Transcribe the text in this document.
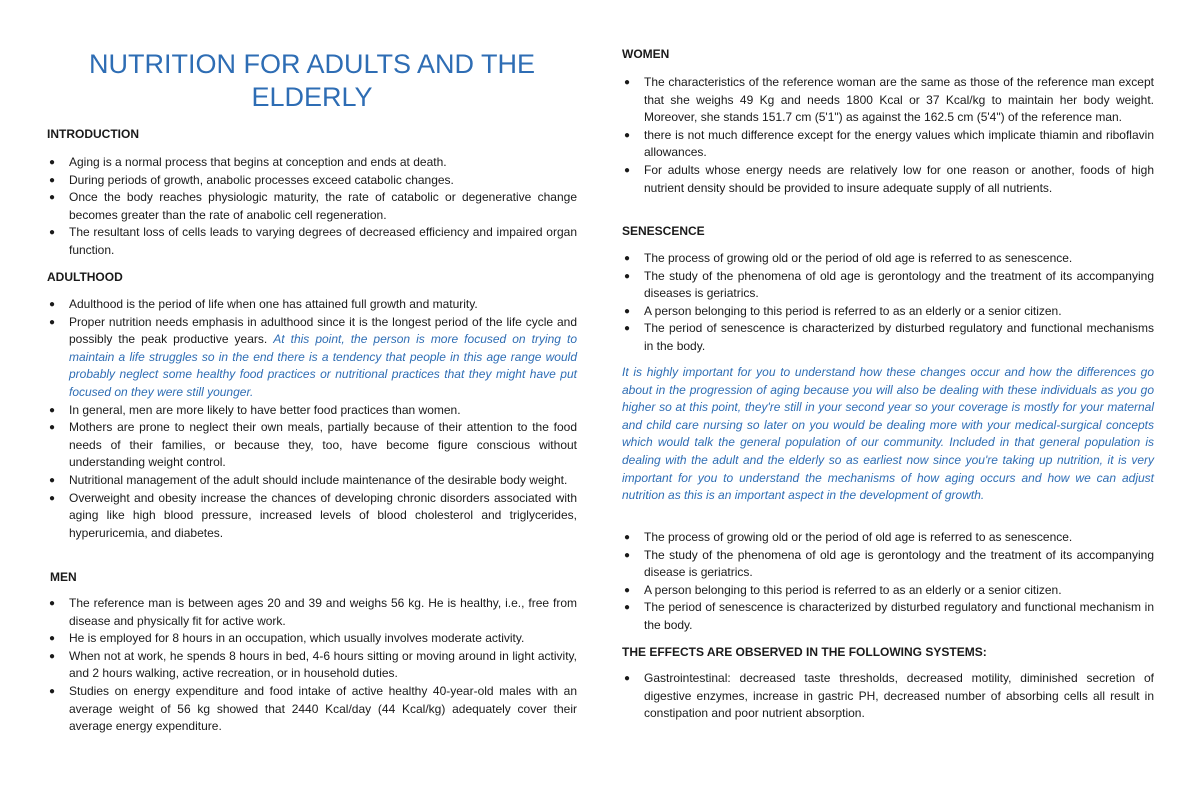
NUTRITION FOR ADULTS AND THE ELDERLY
INTRODUCTION
● Aging is a normal process that begins at conception and ends at death.
● During periods of growth, anabolic processes exceed catabolic changes.
● Once the body reaches physiologic maturity, the rate of catabolic or degenerative change becomes greater than the rate of anabolic cell regeneration.
● The resultant loss of cells leads to varying degrees of decreased efficiency and impaired organ function.
ADULTHOOD
● Adulthood is the period of life when one has attained full growth and maturity.
● Proper nutrition needs emphasis in adulthood since it is the longest period of the life cycle and possibly the peak productive years. At this point, the person is more focused on trying to maintain a life struggles so in the end there is a tendency that people in this age range would probably neglect some healthy food practices or nutritional practices that they might have put focused on they were still younger.
● In general, men are more likely to have better food practices than women.
● Mothers are prone to neglect their own meals, partially because of their attention to the food needs of their families, or because they, too, have become figure conscious without understanding weight control.
● Nutritional management of the adult should include maintenance of the desirable body weight.
● Overweight and obesity increase the chances of developing chronic disorders associated with aging like high blood pressure, increased levels of blood cholesterol and triglycerides, hyperuricemia, and diabetes.
MEN
● The reference man is between ages 20 and 39 and weighs 56 kg. He is healthy, i.e., free from disease and physically fit for active work.
● He is employed for 8 hours in an occupation, which usually involves moderate activity.
● When not at work, he spends 8 hours in bed, 4-6 hours sitting or moving around in light activity, and 2 hours walking, active recreation, or in household duties.
● Studies on energy expenditure and food intake of active healthy 40-year-old males with an average weight of 56 kg showed that 2440 Kcal/day (44 Kcal/kg) adequately cover their average energy expenditure.
WOMEN
● The characteristics of the reference woman are the same as those of the reference man except that she weighs 49 Kg and needs 1800 Kcal or 37 Kcal/kg to maintain her body weight. Moreover, she stands 151.7 cm (5'1") as against the 162.5 cm (5'4") of the reference man.
● there is not much difference except for the energy values which implicate thiamin and riboflavin allowances.
● For adults whose energy needs are relatively low for one reason or another, foods of high nutrient density should be provided to insure adequate supply of all nutrients.
SENESCENCE
● The process of growing old or the period of old age is referred to as senescence.
● The study of the phenomena of old age is gerontology and the treatment of its accompanying diseases is geriatrics.
● A person belonging to this period is referred to as an elderly or a senior citizen.
● The period of senescence is characterized by disturbed regulatory and functional mechanisms in the body.

It is highly important for you to understand how these changes occur and how the differences go about in the progression of aging because you will also be dealing with these individuals as you go higher so at this point, they're still in your second year so your coverage is mostly for your maternal and child care nursing so later on you would be dealing more with your medical-surgical concepts which would talk the general population of our community. Included in that general population is dealing with the adult and the elderly so as earliest now since you're taking up nutrition, it is very important for you to understand the mechanisms of how aging occurs and how we can adjust nutrition as this is an important aspect in the development of growth.

● The process of growing old or the period of old age is referred to as senescence.
● The study of the phenomena of old age is gerontology and the treatment of its accompanying disease is geriatrics.
● A person belonging to this period is referred to as an elderly or a senior citizen.
● The period of senescence is characterized by disturbed regulatory and functional mechanism in the body.
THE EFFECTS ARE OBSERVED IN THE FOLLOWING SYSTEMS:
● Gastrointestinal: decreased taste thresholds, decreased motility, diminished secretion of digestive enzymes, increase in gastric PH, decreased number of absorbing cells all result in constipation and poor nutrient absorption.
